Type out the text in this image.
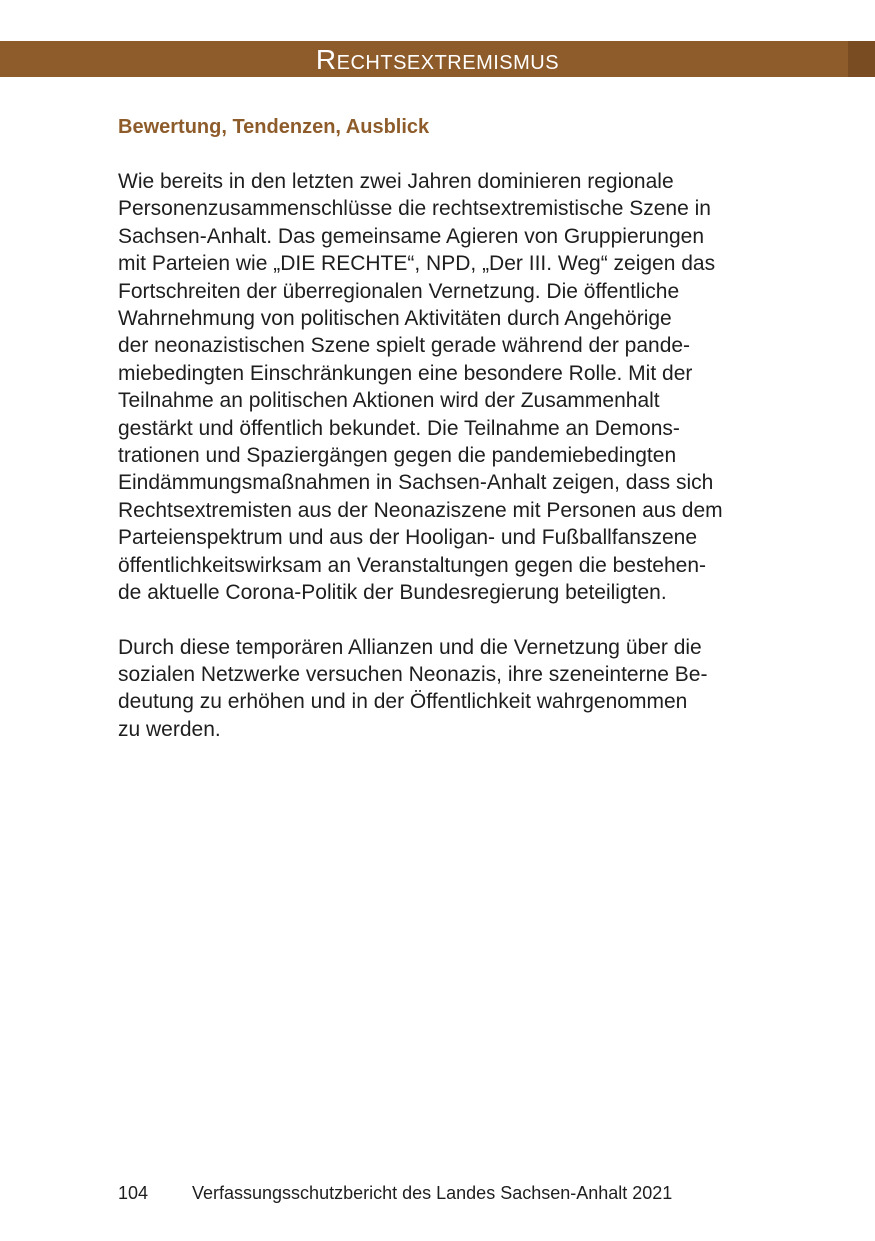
Rechtsextremismus
Bewertung, Tendenzen, Ausblick

Wie bereits in den letzten zwei Jahren dominieren regionale
Personenzusammenschlüsse die rechtsextremistische Szene in
Sachsen-Anhalt. Das gemeinsame Agieren von Gruppierungen
mit Parteien wie „DIE RECHTE“, NPD, „Der III. Weg“ zeigen das
Fortschreiten der überregionalen Vernetzung. Die öffentliche
Wahrnehmung von politischen Aktivitäten durch Angehörige
der neonazistischen Szene spielt gerade während der pande-
miebedingten Einschränkungen eine besondere Rolle. Mit der
Teilnahme an politischen Aktionen wird der Zusammenhalt
gestärkt und öffentlich bekundet. Die Teilnahme an Demons-
trationen und Spaziergängen gegen die pandemiebedingten
Eindämmungsmaßnahmen in Sachsen-Anhalt zeigen, dass sich
Rechtsextremisten aus der Neonaziszene mit Personen aus dem
Parteienspektrum und aus der Hooligan- und Fußballfanszene
öffentlichkeitswirksam an Veranstaltungen gegen die bestehen-
de aktuelle Corona-Politik der Bundesregierung beteiligten.

Durch diese temporären Allianzen und die Vernetzung über die
sozialen Netzwerke versuchen Neonazis, ihre szeneinterne Be-
deutung zu erhöhen und in der Öffentlichkeit wahrgenommen
zu werden.

104 Verfassungsschutzbericht des Landes Sachsen-Anhalt 2021
